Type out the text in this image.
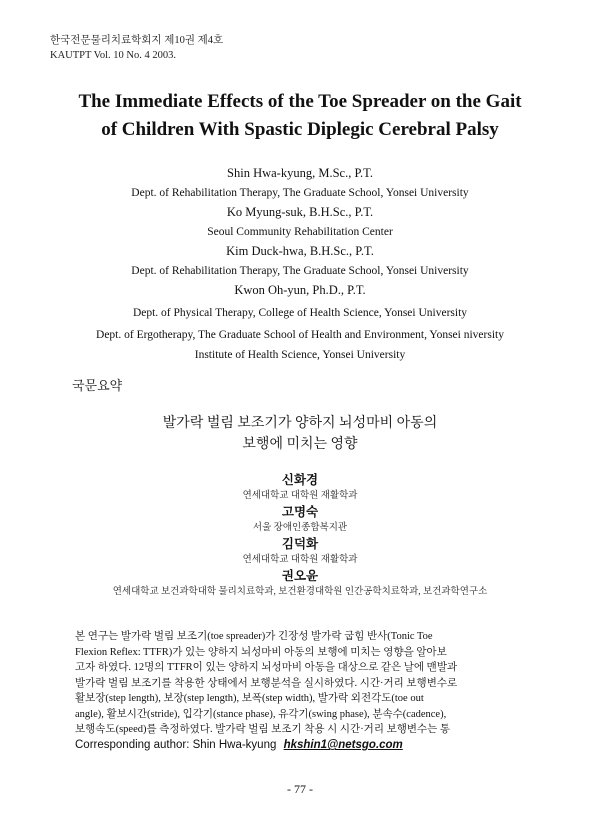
한국전문물리치료학회지 제10권 제4호
KAUTPT Vol. 10 No. 4 2003.
The Immediate Effects of the Toe Spreader on the Gait
of Children With Spastic Diplegic Cerebral Palsy
Shin Hwa-kyung, M.Sc., P.T.
Dept. of Rehabilitation Therapy, The Graduate School, Yonsei University
Ko Myung-suk, B.H.Sc., P.T.
Seoul Community Rehabilitation Center
Kim Duck-hwa, B.H.Sc., P.T.
Dept. of Rehabilitation Therapy, The Graduate School, Yonsei University
Kwon Oh-yun, Ph.D., P.T.
Dept. of Physical Therapy, College of Health Science, Yonsei University
Dept. of Ergotherapy, The Graduate School of Health and Environment, Yonsei niversity
Institute of Health Science, Yonsei University
국문요약
발가락 벌림 보조기가 양하지 뇌성마비 아동의
보행에 미치는 영향
신화경
연세대학교 대학원 재활학과
고명숙
서울 장애인종합복지관
김덕화
연세대학교 대학원 재활학과
권오윤
연세대학교 보건과학대학 물리치료학과, 보건환경대학원 인간공학치료학과, 보건과학연구소
본 연구는 발가락 벌림 보조기(toe spreader)가 긴장성 발가락 굽힘 반사(Tonic Toe
Flexion Reflex: TTFR)가 있는 양하지 뇌성마비 아동의 보행에 미치는 영향을 알아보
고자 하였다. 12명의 TTFR이 있는 양하지 뇌성마비 아동을 대상으로 같은 날에 맨발과
발가락 벌림 보조기를 착용한 상태에서 보행분석을 실시하였다. 시간·거리 보행변수로
활보장(step length), 보장(step length), 보폭(step width), 발가락 외전각도(toe out
angle), 활보시간(stride), 입각기(stance phase), 유각기(swing phase), 분속수(cadence),
보행속도(speed)를 측정하였다. 발가락 벌림 보조기 착용 시 시간·거리 보행변수는 통
Corresponding author: Shin Hwa-kyung hkshin1@netsgo.com
- 77 -
